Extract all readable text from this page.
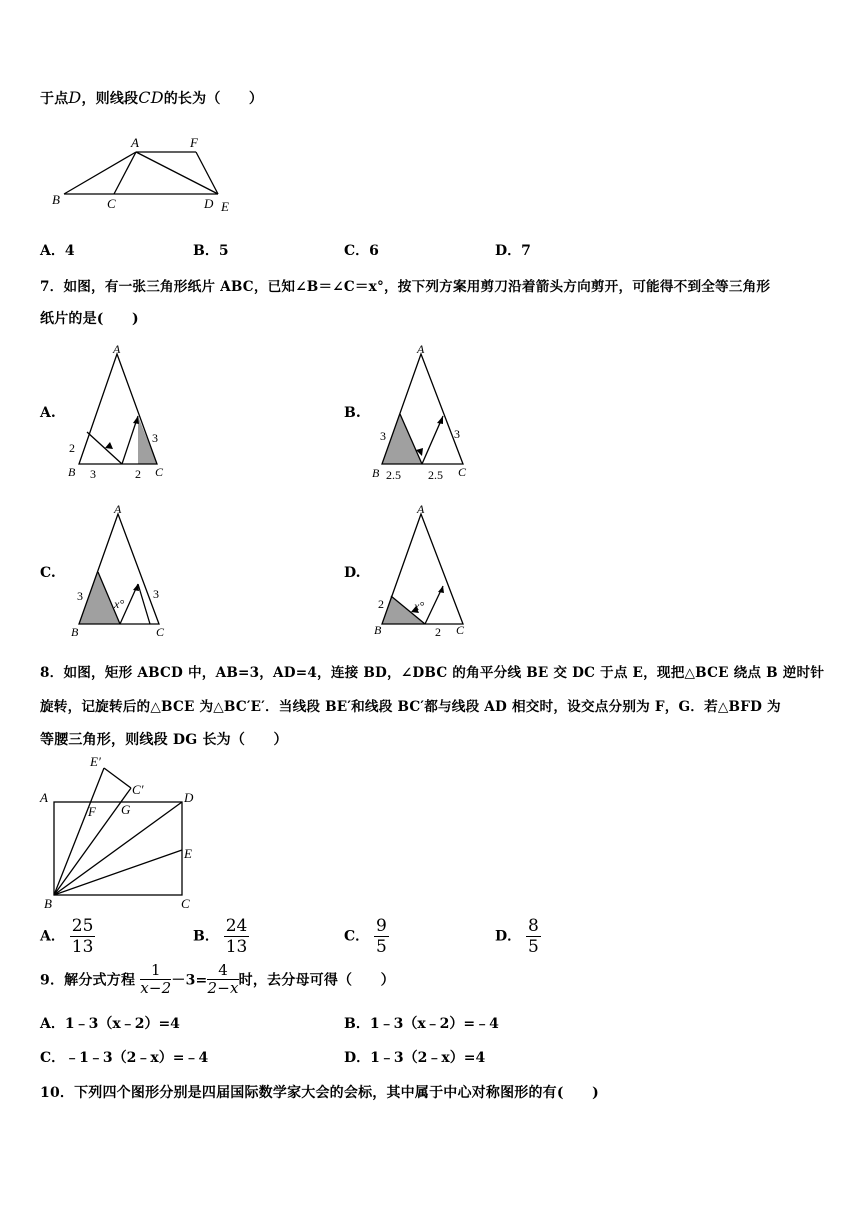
于点D，则线段CD的长为（　　）
A	F
B	C	D E
A．4	B．5	C．6	D．7
7．如图，有一张三角形纸片 ABC，已知∠B＝∠C＝x°，按下列方案用剪刀沿着箭头方向剪开，可能得不到全等三角形
纸片的是(　　)
A.
A
B	C
2
3	2
3
B.
A
B	C
3
2.5 2.5
3
C.
A
B	C
x°
3	3
D.
A
B	C
x°
2
2
8．如图，矩形 ABCD 中，AB=3，AD=4，连接 BD，∠DBC 的角平分线 BE 交 DC 于点 E，现把△BCE 绕点 B 逆时针
旋转，记旋转后的△BCE 为△BC′E′．当线段 BE′和线段 BC′都与线段 AD 相交时，设交点分别为 F，G．若△BFD 为
等腰三角形，则线段 DG 长为（　　）
E′
C′
A	D
F G
E
B	C
A． $\frac{25}{13}$	B． $\frac{24}{13}$	C． $\frac{9}{5}$	D． $\frac{8}{5}$
9．解分式方程 $\frac{1}{x-2} -3= \frac{4}{2-x}$ 时，去分母可得（　　）
A．1﹣3（x﹣2）=4	B．1﹣3（x﹣2）=﹣4
C．﹣1﹣3（2﹣x）=﹣4	D．1﹣3（2﹣x）=4
10．下列四个图形分别是四届国际数学家大会的会标，其中属于中心对称图形的有(　　)
